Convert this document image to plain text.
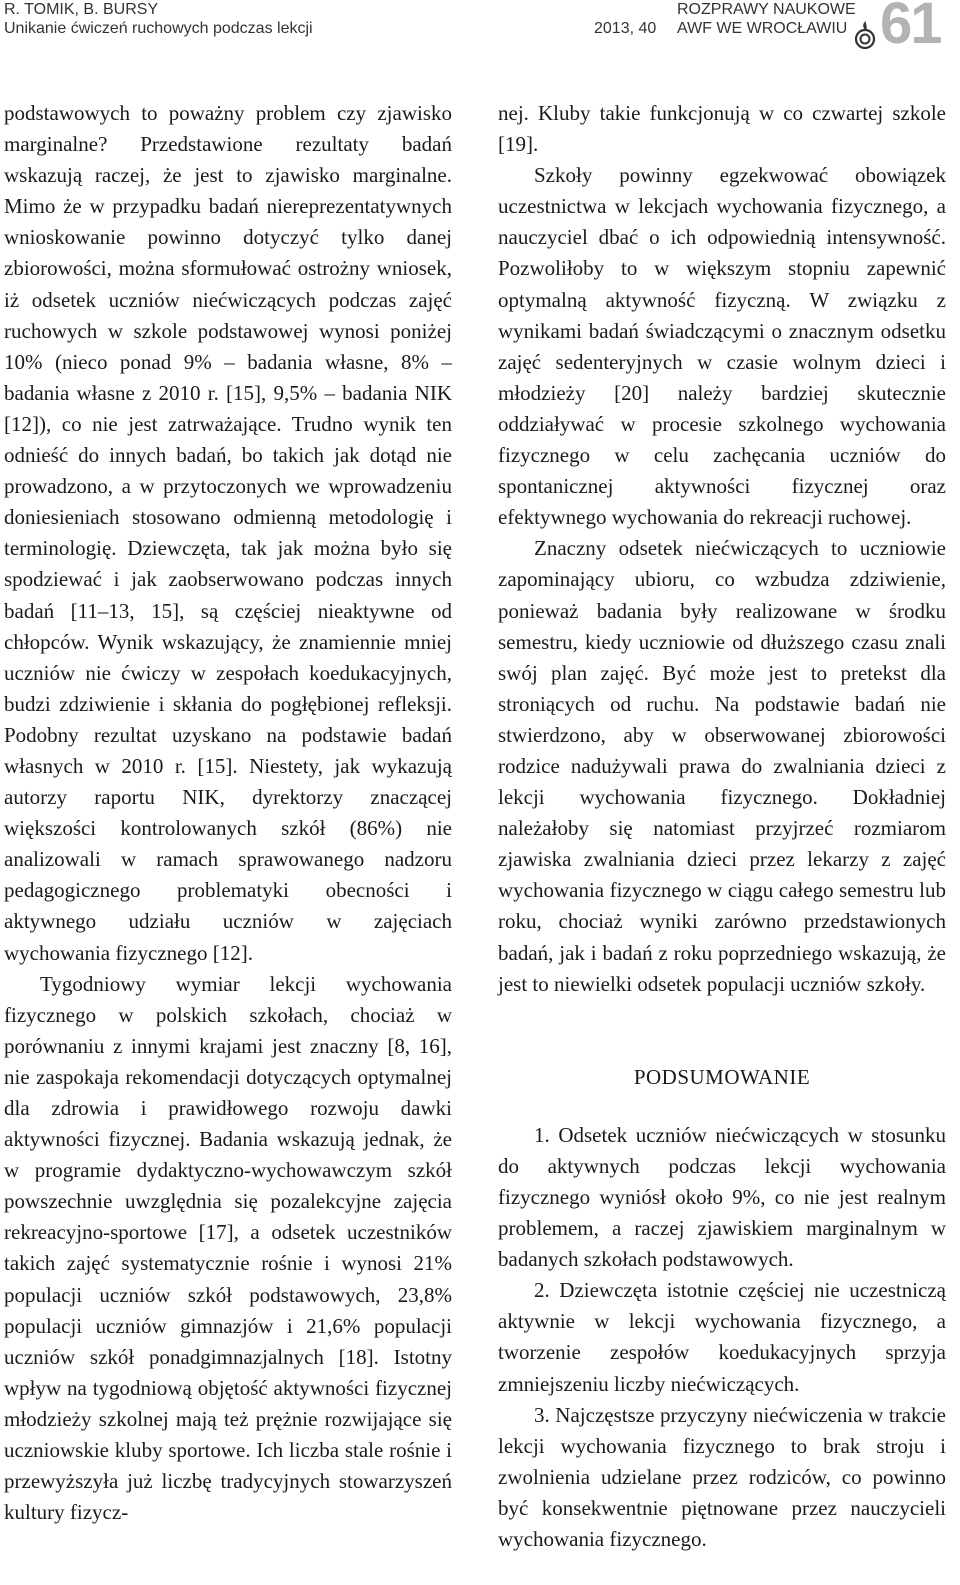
R. TOMIK, B. BURSY
Unikanie ćwiczeń ruchowych podczas lekcji	2013, 40
ROZPRAWY NAUKOWE
AWF WE WROCŁAWIU 61

podstawowych to poważny problem czy zjawisko marginalne? Przedstawione rezultaty badań wskazują raczej, że jest to zjawisko marginalne. Mimo że w przypadku badań niereprezentatywnych wnioskowanie powinno dotyczyć tylko danej zbiorowości, można sformułować ostrożny wniosek, iż odsetek uczniów niećwiczących podczas zajęć ruchowych w szkole podstawowej wynosi poniżej 10% (nieco ponad 9% – badania własne, 8% – badania własne z 2010 r. [15], 9,5% – badania NIK [12]), co nie jest zatrważające. Trudno wynik ten odnieść do innych badań, bo takich jak dotąd nie prowadzono, a w przytoczonych we wprowadzeniu doniesieniach stosowano odmienną metodologię i terminologię. Dziewczęta, tak jak można było się spodziewać i jak zaobserwowano podczas innych badań [11–13, 15], są częściej nieaktywne od chłopców. Wynik wskazujący, że znamiennie mniej uczniów nie ćwiczy w zespołach koedukacyjnych, budzi zdziwienie i skłania do pogłębionej refleksji. Podobny rezultat uzyskano na podstawie badań własnych w 2010 r. [15]. Niestety, jak wykazują autorzy raportu NIK, dyrektorzy znaczącej większości kontrolowanych szkół (86%) nie analizowali w ramach sprawowanego nadzoru pedagogicznego problematyki obecności i aktywnego udziału uczniów w zajęciach wychowania fizycznego [12].

Tygodniowy wymiar lekcji wychowania fizycznego w polskich szkołach, chociaż w porównaniu z innymi krajami jest znaczny [8, 16], nie zaspokaja rekomendacji dotyczących optymalnej dla zdrowia i prawidłowego rozwoju dawki aktywności fizycznej. Badania wskazują jednak, że w programie dydaktyczno-wychowawczym szkół powszechnie uwzględnia się pozalekcyjne zajęcia rekreacyjno-sportowe [17], a odsetek uczestników takich zajęć systematycznie rośnie i wynosi 21% populacji uczniów szkół podstawowych, 23,8% populacji uczniów gimnazjów i 21,6% populacji uczniów szkół ponadgimnazjalnych [18]. Istotny wpływ na tygodniową objętość aktywności fizycznej młodzieży szkolnej mają też prężnie rozwijające się uczniowskie kluby sportowe. Ich liczba stale rośnie i przewyższyła już liczbę tradycyjnych stowarzyszeń kultury fizycz-

nej. Kluby takie funkcjonują w co czwartej szkole [19].

Szkoły powinny egzekwować obowiązek uczestnictwa w lekcjach wychowania fizycznego, a nauczyciel dbać o ich odpowiednią intensywność. Pozwoliłoby to w większym stopniu zapewnić optymalną aktywność fizyczną. W związku z wynikami badań świadczącymi o znacznym odsetku zajęć sedenteryjnych w czasie wolnym dzieci i młodzieży [20] należy bardziej skutecznie oddziaływać w procesie szkolnego wychowania fizycznego w celu zachęcania uczniów do spontanicznej aktywności fizycznej oraz efektywnego wychowania do rekreacji ruchowej.

Znaczny odsetek niećwiczących to uczniowie zapominający ubioru, co wzbudza zdziwienie, ponieważ badania były realizowane w środku semestru, kiedy uczniowie od dłuższego czasu znali swój plan zajęć. Być może jest to pretekst dla stroniących od ruchu. Na podstawie badań nie stwierdzono, aby w obserwowanej zbiorowości rodzice nadużywali prawa do zwalniania dzieci z lekcji wychowania fizycznego. Dokładniej należałoby się natomiast przyjrzeć rozmiarom zjawiska zwalniania dzieci przez lekarzy z zajęć wychowania fizycznego w ciągu całego semestru lub roku, chociaż wyniki zarówno przedstawionych badań, jak i badań z roku poprzedniego wskazują, że jest to niewielki odsetek populacji uczniów szkoły.

PODSUMOWANIE

1. Odsetek uczniów niećwiczących w stosunku do aktywnych podczas lekcji wychowania fizycznego wyniósł około 9%, co nie jest realnym problemem, a raczej zjawiskiem marginalnym w badanych szkołach podstawowych.

2. Dziewczęta istotnie częściej nie uczestniczą aktywnie w lekcji wychowania fizycznego, a tworzenie zespołów koedukacyjnych sprzyja zmniejszeniu liczby niećwiczących.

3. Najczęstsze przyczyny niećwiczenia w trakcie lekcji wychowania fizycznego to brak stroju i zwolnienia udzielane przez rodziców, co powinno być konsekwentnie piętnowane przez nauczycieli wychowania fizycznego.
